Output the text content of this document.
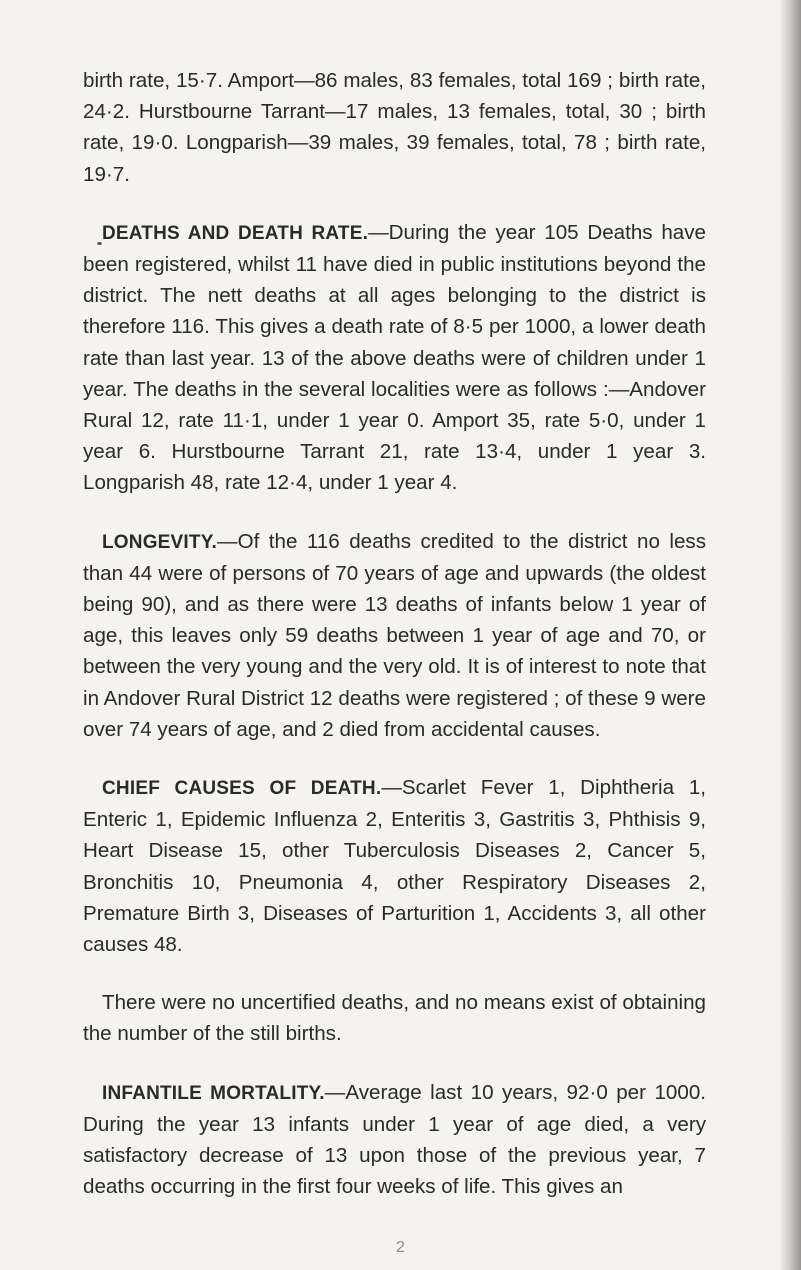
birth rate, 15·7. Amport—86 males, 83 females, total 169 ; birth rate, 24·2. Hurstbourne Tarrant—17 males, 13 females, total, 30 ; birth rate, 19·0. Longparish—39 males, 39 females, total, 78 ; birth rate, 19·7.

DEATHS AND DEATH RATE.—During the year 105 Deaths have been registered, whilst 11 have died in public institutions beyond the district. The nett deaths at all ages belonging to the district is therefore 116. This gives a death rate of 8·5 per 1000, a lower death rate than last year. 13 of the above deaths were of children under 1 year. The deaths in the several localities were as follows :—Andover Rural 12, rate 11·1, under 1 year 0. Amport 35, rate 5·0, under 1 year 6. Hurstbourne Tarrant 21, rate 13·4, under 1 year 3. Longparish 48, rate 12·4, under 1 year 4.

LONGEVITY.—Of the 116 deaths credited to the district no less than 44 were of persons of 70 years of age and upwards (the oldest being 90), and as there were 13 deaths of infants below 1 year of age, this leaves only 59 deaths between 1 year of age and 70, or between the very young and the very old. It is of interest to note that in Andover Rural District 12 deaths were registered ; of these 9 were over 74 years of age, and 2 died from accidental causes.

CHIEF CAUSES OF DEATH.—Scarlet Fever 1, Diphtheria 1, Enteric 1, Epidemic Influenza 2, Enteritis 3, Gastritis 3, Phthisis 9, Heart Disease 15, other Tuberculosis Diseases 2, Cancer 5, Bronchitis 10, Pneumonia 4, other Respiratory Diseases 2, Premature Birth 3, Diseases of Parturition 1, Accidents 3, all other causes 48.

There were no uncertified deaths, and no means exist of obtaining the number of the still births.

INFANTILE MORTALITY.—Average last 10 years, 92·0 per 1000. During the year 13 infants under 1 year of age died, a very satisfactory decrease of 13 upon those of the previous year, 7 deaths occurring in the first four weeks of life. This gives an

2
